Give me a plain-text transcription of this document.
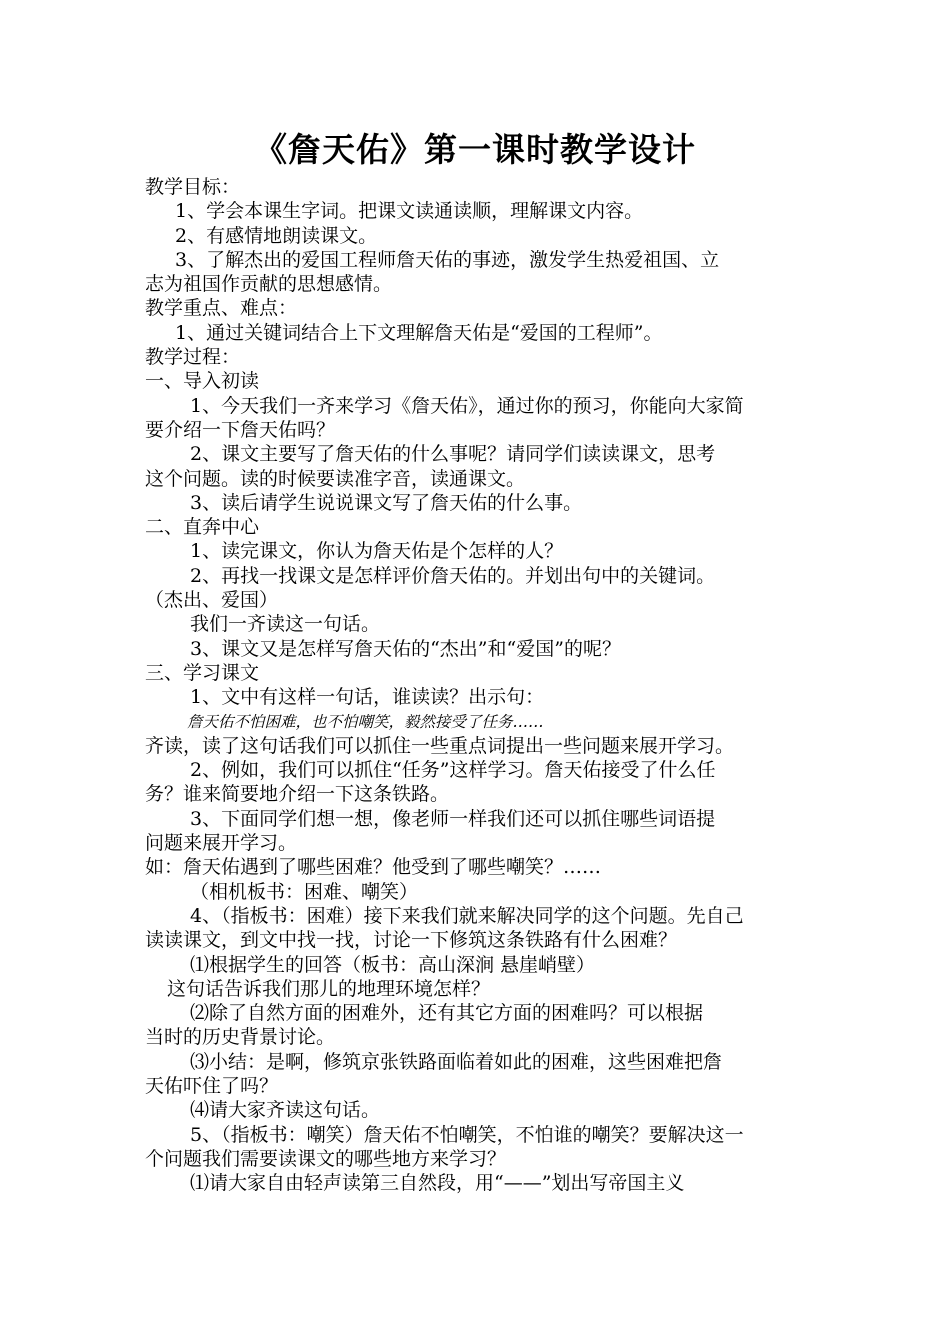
《詹天佑》第一课时教学设计
教学目标：
1、学会本课生字词。把课文读通读顺，理解课文内容。
2、有感情地朗读课文。
3、了解杰出的爱国工程师詹天佑的事迹，激发学生热爱祖国、立
志为祖国作贡献的思想感情。
教学重点、难点：
1、通过关键词结合上下文理解詹天佑是“爱国的工程师”。
教学过程：
一、导入初读
1、今天我们一齐来学习《詹天佑》，通过你的预习，你能向大家简
要介绍一下詹天佑吗？
2、课文主要写了詹天佑的什么事呢？请同学们读读课文，思考
这个问题。读的时候要读准字音，读通课文。
3、读后请学生说说课文写了詹天佑的什么事。
二、直奔中心
1、读完课文，你认为詹天佑是个怎样的人？
2、再找一找课文是怎样评价詹天佑的。并划出句中的关键词。
（杰出、爱国）
我们一齐读这一句话。
3、课文又是怎样写詹天佑的“杰出”和“爱国”的呢？
三、学习课文
1、文中有这样一句话，谁读读？出示句：
詹天佑不怕困难，也不怕嘲笑，毅然接受了任务……
齐读，读了这句话我们可以抓住一些重点词提出一些问题来展开学习。
2、例如，我们可以抓住“任务”这样学习。詹天佑接受了什么任
务？谁来简要地介绍一下这条铁路。
3、下面同学们想一想，像老师一样我们还可以抓住哪些词语提
问题来展开学习。
如：詹天佑遇到了哪些困难？他受到了哪些嘲笑？……
（相机板书：困难、嘲笑）
4、（指板书：困难）接下来我们就来解决同学的这个问题。先自己
读读课文，到文中找一找，讨论一下修筑这条铁路有什么困难？
⑴根据学生的回答（板书：高山深涧 悬崖峭壁）
这句话告诉我们那儿的地理环境怎样？
⑵除了自然方面的困难外，还有其它方面的困难吗？可以根据
当时的历史背景讨论。
⑶小结：是啊，修筑京张铁路面临着如此的困难，这些困难把詹
天佑吓住了吗？
⑷请大家齐读这句话。
5、（指板书：嘲笑）詹天佑不怕嘲笑，不怕谁的嘲笑？要解决这一
个问题我们需要读课文的哪些地方来学习？
⑴请大家自由轻声读第三自然段，用“——”划出写帝国主义
